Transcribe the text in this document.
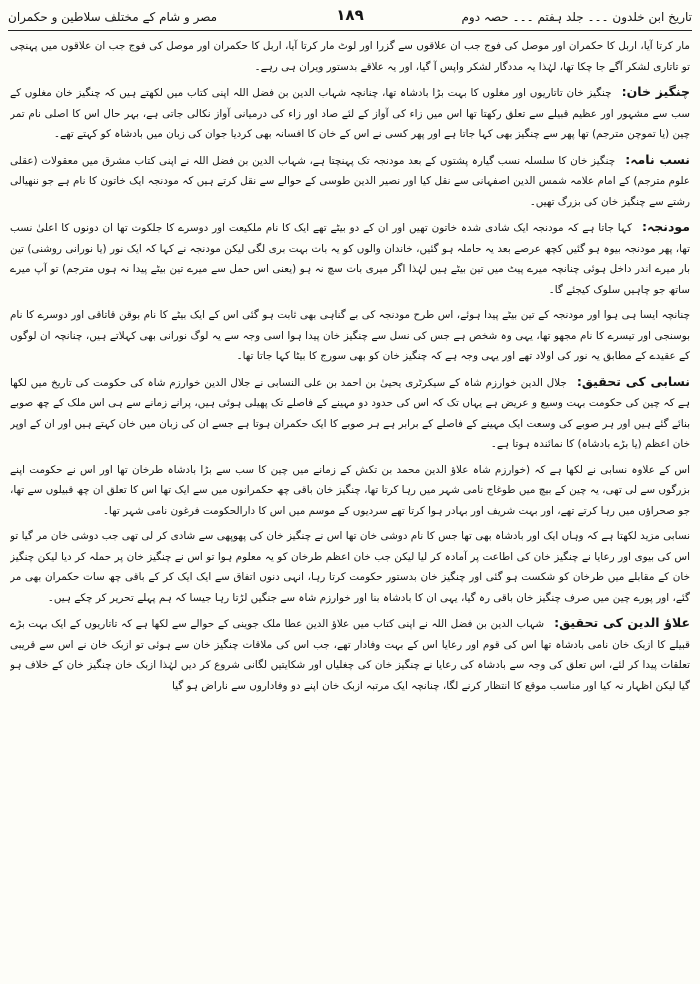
تاریخ ابن خلدون ۔۔۔ جلد ہفتم ۔۔۔ حصہ دوم
۱۸۹
مصر و شام کے مختلف سلاطین و حکمران

مار کرتا آیا، اربل کا حکمران اور موصل کی فوج جب ان علاقوں سے گزرا اور لوٹ مار کرتا آیا، اربل کا حکمران اور موصل کی فوج جب ان علاقوں میں پہنچی تو تاتاری لشکر آگے جا چکا تھا، لہٰذا یہ مددگار لشکر واپس آ گیا، اور یہ علاقے بدستور ویران ہی رہے۔

چنگیز خان:چنگیز خان تاتاریوں اور مغلوں کا بہت بڑا بادشاہ تھا، چنانچہ شہاب الدین بن فضل اللہ اپنی کتاب میں لکھتے ہیں کہ چنگیز خان مغلوں کے سب سے مشہور اور عظیم قبیلے سے تعلق رکھتا تھا اس میں زاء کی آواز کے لئے صاد اور زاء کی درمیانی آواز نکالی جاتی ہے، بہر حال اس کا اصلی نام تمر چین (یا تموچن مترجم) تھا پھر سے چنگیز بھی کہا جاتا ہے اور پھر کسی نے اس کے خان کا افسانہ بھی کردیا جوان کی زبان میں بادشاہ کو کہتے تھے۔

نسب نامہ:چنگیز خان کا سلسلہ نسب گیارہ پشتوں کے بعد مودنجہ تک پہنچتا ہے، شہاب الدین بن فضل اللہ نے اپنی کتاب مشرق میں معقولات (عقلی علوم مترجم) کے امام علامہ شمس الدین اصفہانی سے نقل کیا اور نصیر الدین طوسی کے حوالے سے نقل کرتے ہیں کہ مودنجہ ایک خاتون کا نام ہے جو ننھیالی رشتے سے چنگیز خان کی بزرگ تھیں۔

مودنجہ:کہا جاتا ہے کہ مودنجہ ایک شادی شدہ خاتون تھیں اور ان کے دو بیٹے تھے ایک کا نام ملکیعت اور دوسرے کا جلکوت تھا ان دونوں کا اعلیٰ نسب تھا، پھر مودنجہ بیوہ ہو گئیں کچھ عرصے بعد یہ حاملہ ہو گئیں، خاندان والوں کو یہ بات بہت بری لگی لیکن مودنجہ نے کہا کہ ایک نور (یا نورانی روشنی) تین بار میرے اندر داخل ہوئی چنانچہ میرے پیٹ میں تین بیٹے ہیں لہٰذا اگر میری بات سچ نہ ہو (یعنی اس حمل سے میرے تین بیٹے پیدا نہ ہوں مترجم) تو آپ میرے ساتھ جو چاہیں سلوک کیجئے گا۔

چنانچہ ایسا ہی ہوا اور مودنجہ کے تین بیٹے پیدا ہوئے، اس طرح مودنجہ کی بے گناہی بھی ثابت ہو گئی اس کے ایک بیٹے کا نام بوقن قاتاقی اور دوسرے کا نام بوسنجی اور تیسرے کا نام مجھو تھا، یہی وہ شخص ہے جس کی نسل سے چنگیز خان پیدا ہوا اسی وجہ سے یہ لوگ نورانی بھی کہلاتے ہیں، چنانچہ ان لوگوں کے عقیدے کے مطابق یہ نور کی اولاد تھے اور یہی وجہ ہے کہ چنگیز خان کو بھی سورج کا بیٹا کہا جاتا تھا۔

نسابی کی تحقیق:جلال الدین خوارزم شاہ کے سیکرٹری یحییٰ بن احمد بن علی النسابی نے جلال الدین خوارزم شاہ کی حکومت کی تاریخ میں لکھا ہے کہ چین کی حکومت بہت وسیع و عریض ہے یہاں تک کہ اس کی حدود دو مہینے کے فاصلے تک پھیلی ہوئی ہیں، پرانے زمانے سے ہی اس ملک کے چھ صوبے بنائے گئے ہیں اور ہر صوبے کی وسعت ایک مہینے کے فاصلے کے برابر ہے ہر صوبے کا ایک حکمران ہوتا ہے جسے ان کی زبان میں خان کہتے ہیں اور ان کے اوپر خان اعظم (یا بڑے بادشاہ) کا نمائندہ ہوتا ہے۔

اس کے علاوہ نسابی نے لکھا ہے کہ (خوارزم شاہ علاؤ الدین محمد بن تکش کے زمانے میں چین کا سب سے بڑا بادشاہ طرخان تھا اور اس نے حکومت اپنے بزرگوں سے لی تھی، یہ چین کے بیچ میں طوغاج نامی شہر میں رہا کرتا تھا، چنگیز خان باقی چھ حکمرانوں میں سے ایک تھا اس کا تعلق ان چھ قبیلوں سے تھا، جو صحراؤں میں رہا کرتے تھے، اور بہت شریف اور بہادر ہوا کرتا تھے سردیوں کے موسم میں اس کا دارالحکومت فرغون نامی شہر تھا۔

نسابی مزید لکھتا ہے کہ وہاں ایک اور بادشاہ بھی تھا جس کا نام دوشی خان تھا اس نے چنگیز خان کی پھوپھی سے شادی کر لی تھی جب دوشی خان مر گیا تو اس کی بیوی اور رعایا نے چنگیز خان کی اطاعت پر آمادہ کر لیا لیکن جب خان اعظم طرخان کو یہ معلوم ہوا تو اس نے چنگیز خان پر حملہ کر دیا لیکن چنگیز خان کے مقابلے میں طرخان کو شکست ہو گئی اور چنگیز خان بدستور حکومت کرتا رہا، انہی دنوں اتفاق سے ایک ایک کر کے باقی چھ سات حکمران بھی مر گئے، اور پورے چین میں صرف چنگیز خان باقی رہ گیا، یہی ان کا بادشاہ بنا اور خوارزم شاہ سے جنگیں لڑتا رہا جیسا کہ ہم پہلے تحریر کر چکے ہیں۔

علاؤ الدین کی تحقیق:شہاب الدین بن فضل اللہ نے اپنی کتاب میں علاؤ الدین عطا ملک جوینی کے حوالے سے لکھا ہے کہ تاتاریوں کے ایک بہت بڑے قبیلے کا ازبک خان نامی بادشاہ تھا اس کی قوم اور رعایا اس کے بہت وفادار تھے، جب اس کی ملاقات چنگیز خان سے ہوئی تو ازبک خان نے اس سے قریبی تعلقات پیدا کر لئے، اس تعلق کی وجہ سے بادشاہ کی رعایا نے چنگیز خان کی چغلیاں اور شکایتیں لگانی شروع کر دیں لہٰذا ازبک خان چنگیز خان کے خلاف ہو گیا لیکن اظہار نہ کیا اور مناسب موقع کا انتظار کرنے لگا، چنانچہ ایک مرتبہ ازبک خان اپنے دو وفاداروں سے ناراض ہو گیا
